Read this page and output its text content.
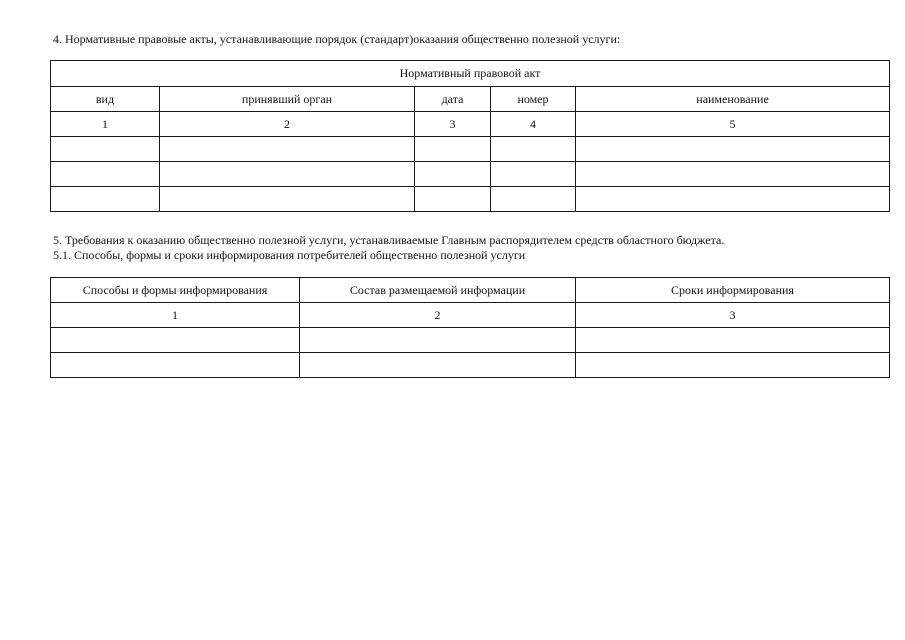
4. Нормативные правовые акты, устанавливающие порядок (стандарт)оказания общественно полезной услуги:
Нормативный правовой акт				
вид	принявший орган	дата	номер	наименование
1	2	3	4	5

5. Требования к оказанию общественно полезной услуги, устанавливаемые Главным распорядителем средств областного бюджета.
5.1. Способы, формы и сроки информирования потребителей общественно полезной услуги
Способы и формы информирования	Состав размещаемой информации	Сроки информирования
1	2	3
